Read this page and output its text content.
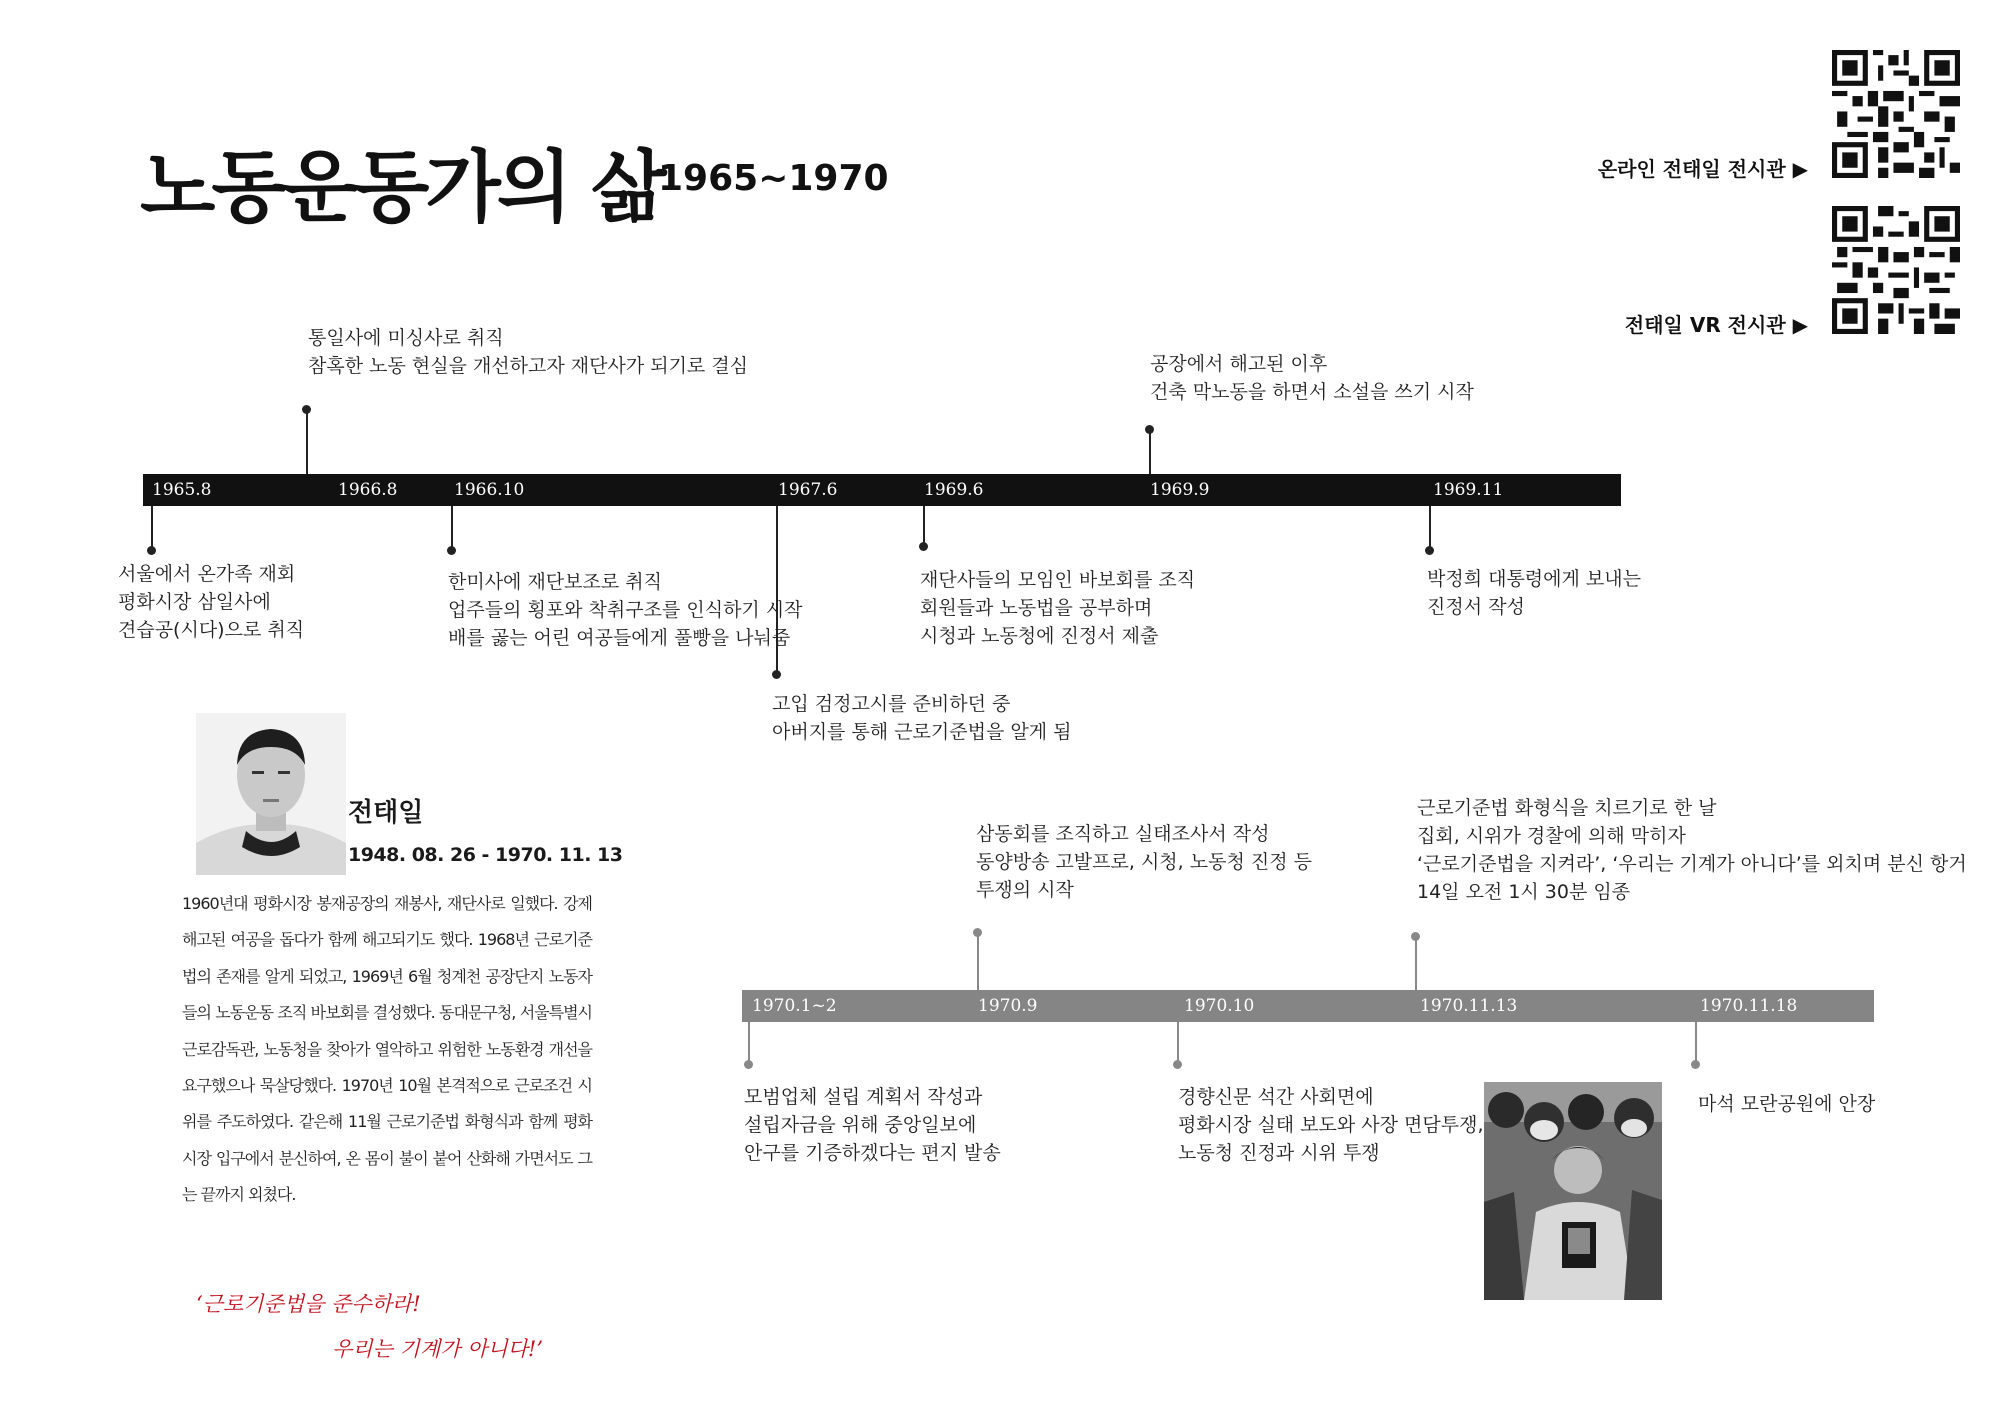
노동운동가의 삶
1965~1970	온라인 전태일 전시관 ▶
전태일 VR 전시관 ▶
1965.8	1966.8	1966.10	1967.6	1969.6	1969.9	1969.11
서울에서 온가족 재회
평화시장 삼일사에
견습공(시다)으로 취직
통일사에 미싱사로 취직
참혹한 노동 현실을 개선하고자 재단사가 되기로 결심
한미사에 재단보조로 취직
업주들의 횡포와 착취구조를 인식하기 시작
배를 곯는 어린 여공들에게 풀빵을 나눠줌
고입 검정고시를 준비하던 중
아버지를 통해 근로기준법을 알게 됨
재단사들의 모임인 바보회를 조직
회원들과 노동법을 공부하며
시청과 노동청에 진정서 제출
공장에서 해고된 이후
건축 막노동을 하면서 소설을 쓰기 시작
박정희 대통령에게 보내는
진정서 작성
전태일
1948. 08. 26 - 1970. 11. 13
1960년대 평화시장 봉재공장의 재봉사, 재단사로 일했다. 강제 해고된 여공을 돕다가 함께 해고되기도 했다. 1968년 근로기준법의 존재를 알게 되었고, 1969년 6월 청계천 공장단지 노동자들의 노동운동 조직 바보회를 결성했다. 동대문구청, 서울특별시 근로감독관, 노동청을 찾아가 열악하고 위험한 노동환경 개선을 요구했으나 묵살당했다. 1970년 10월 본격적으로 근로조건 시위를 주도하였다. 같은해 11월 근로기준법 화형식과 함께 평화시장 입구에서 분신하여, 온 몸이 불이 붙어 산화해 가면서도 그는 끝까지 외쳤다.
‘근로기준법을 준수하라!
우리는 기계가 아니다!’
1970.1~2	1970.9	1970.10	1970.11.13	1970.11.18
모범업체 설립 계획서 작성과
설립자금을 위해 중앙일보에
안구를 기증하겠다는 편지 발송
삼동회를 조직하고 실태조사서 작성
동양방송 고발프로, 시청, 노동청 진정 등
투쟁의 시작
경향신문 석간 사회면에
평화시장 실태 보도와 사장 면담투쟁,
노동청 진정과 시위 투쟁
근로기준법 화형식을 치르기로 한 날
집회, 시위가 경찰에 의해 막히자
‘근로기준법을 지켜라’, ‘우리는 기계가 아니다’를 외치며 분신 항거
14일 오전 1시 30분 임종
마석 모란공원에 안장
